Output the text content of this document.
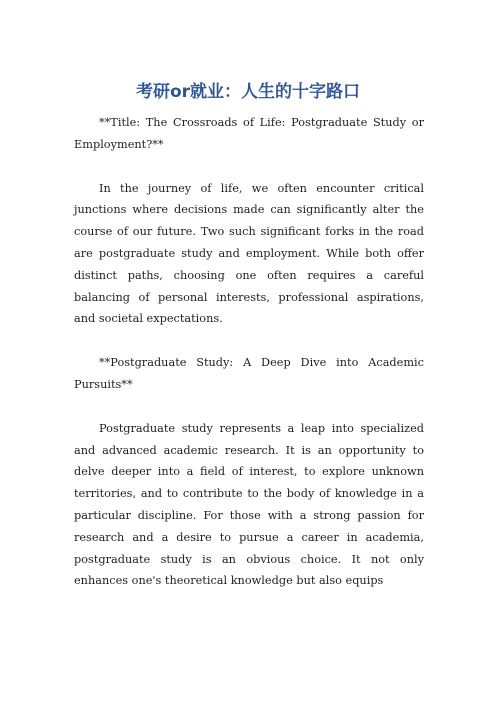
考研or就业：人生的十字路口

**Title: The Crossroads of Life: Postgraduate Study or Employment?**

In the journey of life, we often encounter critical junctions where decisions made can significantly alter the course of our future. Two such significant forks in the road are postgraduate study and employment. While both offer distinct paths, choosing one often requires a careful balancing of personal interests, professional aspirations, and societal expectations.

**Postgraduate Study: A Deep Dive into Academic Pursuits**

Postgraduate study represents a leap into specialized and advanced academic research. It is an opportunity to delve deeper into a field of interest, to explore unknown territories, and to contribute to the body of knowledge in a particular discipline. For those with a strong passion for research and a desire to pursue a career in academia, postgraduate study is an obvious choice. It not only enhances one's theoretical knowledge but also equips
